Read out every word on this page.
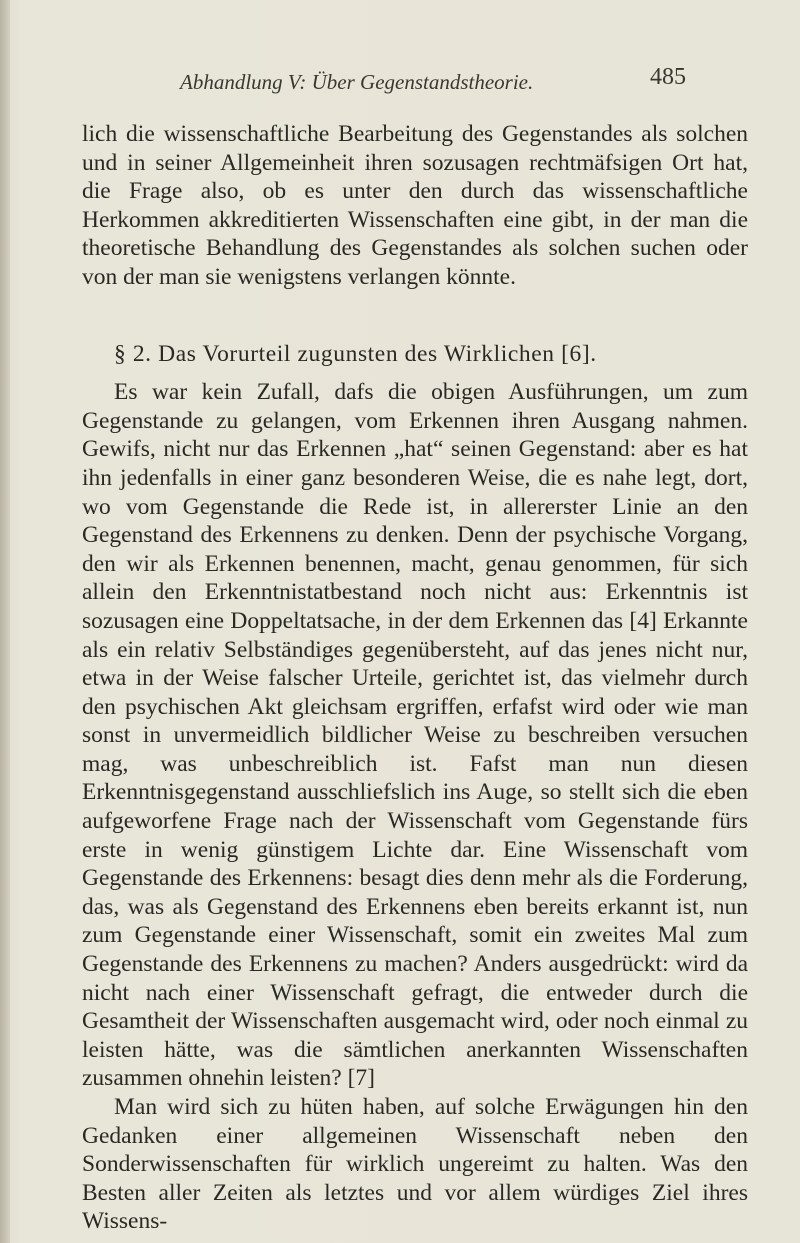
Abhandlung V: Über Gegenstandstheorie.	485

lich die wissenschaftliche Bearbeitung des Gegenstandes als solchen und in seiner Allgemeinheit ihren sozusagen rechtmäfsigen Ort hat, die Frage also, ob es unter den durch das wissenschaftliche Herkommen akkreditierten Wissenschaften eine gibt, in der man die theoretische Behandlung des Gegenstandes als solchen suchen oder von der man sie wenigstens verlangen könnte.

§ 2. Das Vorurteil zugunsten des Wirklichen [6].

Es war kein Zufall, dafs die obigen Ausführungen, um zum Gegenstande zu gelangen, vom Erkennen ihren Ausgang nahmen. Gewifs, nicht nur das Erkennen „hat“ seinen Gegenstand: aber es hat ihn jedenfalls in einer ganz besonderen Weise, die es nahe legt, dort, wo vom Gegenstande die Rede ist, in allererster Linie an den Gegenstand des Erkennens zu denken. Denn der psychische Vorgang, den wir als Erkennen benennen, macht, genau genommen, für sich allein den Erkenntnistatbestand noch nicht aus: Erkenntnis ist sozusagen eine Doppeltatsache, in der dem Erkennen das [4] Erkannte als ein relativ Selbständiges gegenübersteht, auf das jenes nicht nur, etwa in der Weise falscher Urteile, gerichtet ist, das vielmehr durch den psychischen Akt gleichsam ergriffen, erfafst wird oder wie man sonst in unvermeidlich bildlicher Weise zu beschreiben versuchen mag, was unbeschreiblich ist. Fafst man nun diesen Erkenntnisgegenstand ausschliefslich ins Auge, so stellt sich die eben aufgeworfene Frage nach der Wissenschaft vom Gegenstande fürs erste in wenig günstigem Lichte dar. Eine Wissenschaft vom Gegenstande des Erkennens: besagt dies denn mehr als die Forderung, das, was als Gegenstand des Erkennens eben bereits erkannt ist, nun zum Gegenstande einer Wissenschaft, somit ein zweites Mal zum Gegenstande des Erkennens zu machen? Anders ausgedrückt: wird da nicht nach einer Wissenschaft gefragt, die entweder durch die Gesamtheit der Wissenschaften ausgemacht wird, oder noch einmal zu leisten hätte, was die sämtlichen anerkannten Wissenschaften zusammen ohnehin leisten? [7]

Man wird sich zu hüten haben, auf solche Erwägungen hin den Gedanken einer allgemeinen Wissenschaft neben den Sonderwissenschaften für wirklich ungereimt zu halten. Was den Besten aller Zeiten als letztes und vor allem würdiges Ziel ihres Wissens-
